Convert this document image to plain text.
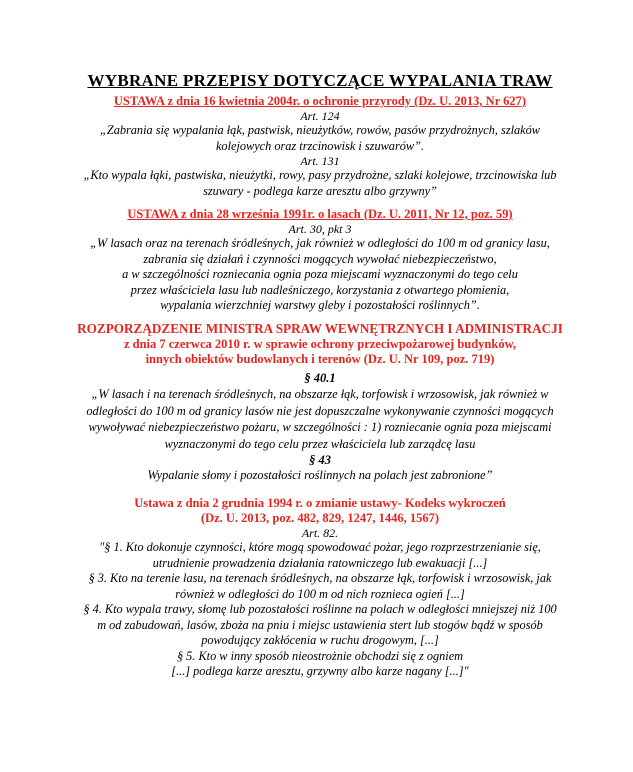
WYBRANE PRZEPISY DOTYCZĄCE WYPALANIA TRAW
USTAWA z dnia 16 kwietnia 2004r. o ochronie przyrody (Dz. U. 2013, Nr 627)
Art. 124
„Zabrania się wypalania łąk, pastwisk, nieużytków, rowów, pasów przydrożnych, szlaków
kolejowych oraz trzcinowisk i szuwarów”.
Art. 131
„Kto wypala łąki, pastwiska, nieużytki, rowy, pasy przydrożne, szlaki kolejowe, trzcinowiska lub
szuwary - podlega karze aresztu albo grzywny”
USTAWA z dnia 28 września 1991r. o lasach (Dz. U. 2011, Nr 12, poz. 59)
Art. 30, pkt 3
„W lasach oraz na terenach śródleśnych, jak również w odległości do 100 m od granicy lasu,
zabrania się działań i czynności mogących wywołać niebezpieczeństwo,
a w szczególności rozniecania ognia poza miejscami wyznaczonymi do tego celu
przez właściciela lasu lub nadleśniczego, korzystania z otwartego płomienia,
wypalania wierzchniej warstwy gleby i pozostałości roślinnych”.
ROZPORZĄDZENIE MINISTRA SPRAW WEWNĘTRZNYCH I ADMINISTRACJI
z dnia 7 czerwca 2010 r. w sprawie ochrony przeciwpożarowej budynków,
innych obiektów budowlanych i terenów (Dz. U. Nr 109, poz. 719)
§ 40.1
„W lasach i na terenach śródleśnych, na obszarze łąk, torfowisk i wrzosowisk, jak również w
odległości do 100 m od granicy lasów nie jest dopuszczalne wykonywanie czynności mogących
wywoływać niebezpieczeństwo pożaru, w szczególności : 1) rozniecanie ognia poza miejscami
wyznaczonymi do tego celu przez właściciela lub zarządcę lasu
§ 43
Wypalanie słomy i pozostałości roślinnych na polach jest zabronione”
Ustawa z dnia 2 grudnia 1994 r. o zmianie ustawy- Kodeks wykroczeń
(Dz. U. 2013, poz. 482, 829, 1247, 1446, 1567)
Art. 82.
"§ 1. Kto dokonuje czynności, które mogą spowodować pożar, jego rozprzestrzenianie się,
utrudnienie prowadzenia działania ratowniczego lub ewakuacji [...]
§ 3. Kto na terenie lasu, na terenach śródleśnych, na obszarze łąk, torfowisk i wrzosowisk, jak
również w odległości do 100 m od nich roznieca ogień [...]
§ 4. Kto wypala trawy, słomę lub pozostałości roślinne na polach w odległości mniejszej niż 100
m od zabudowań, lasów, zboża na pniu i miejsc ustawienia stert lub stogów bądź w sposób
powodujący zakłócenia w ruchu drogowym, [...]
§ 5. Kto w inny sposób nieostrożnie obchodzi się z ogniem
[...] podlega karze aresztu, grzywny albo karze nagany [...]"
